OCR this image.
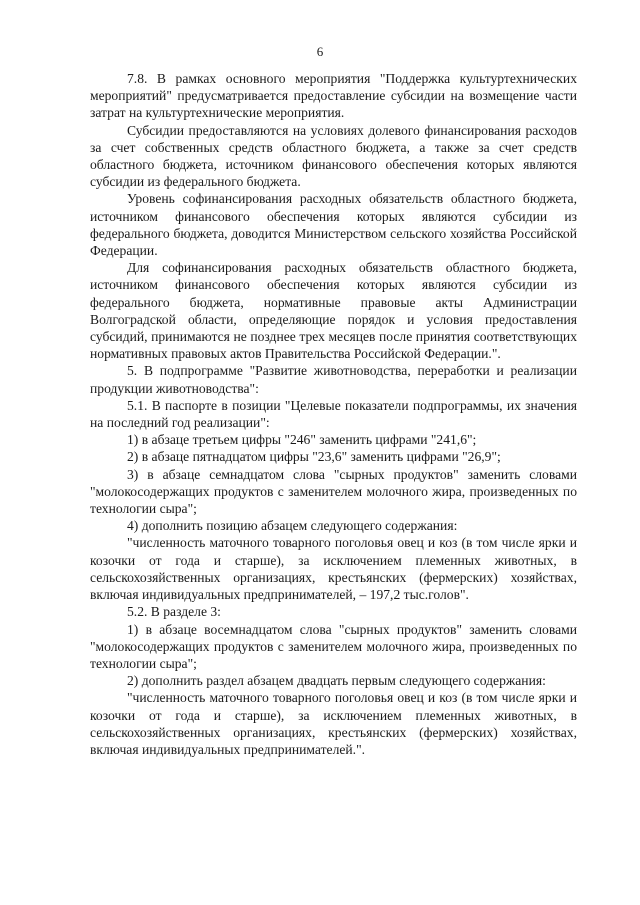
6

7.8. В рамках основного мероприятия "Поддержка культуртехнических мероприятий" предусматривается предоставление субсидии на возмещение части затрат на культуртехнические мероприятия.

Субсидии предоставляются на условиях долевого финансирования расходов за счет собственных средств областного бюджета, а также за счет средств областного бюджета, источником финансового обеспечения которых являются субсидии из федерального бюджета.

Уровень софинансирования расходных обязательств областного бюджета, источником финансового обеспечения которых являются субсидии из федерального бюджета, доводится Министерством сельского хозяйства Российской Федерации.

Для софинансирования расходных обязательств областного бюджета, источником финансового обеспечения которых являются субсидии из федерального бюджета, нормативные правовые акты Администрации Волгоградской области, определяющие порядок и условия предоставления субсидий, принимаются не позднее трех месяцев после принятия соответствующих нормативных правовых актов Правительства Российской Федерации.".

5. В подпрограмме "Развитие животноводства, переработки и реализации продукции животноводства":

5.1. В паспорте в позиции "Целевые показатели подпрограммы, их значения на последний год реализации":

1) в абзаце третьем цифры "246" заменить цифрами "241,6";

2) в абзаце пятнадцатом цифры "23,6" заменить цифрами "26,9";

3) в абзаце семнадцатом слова "сырных продуктов" заменить словами "молокосодержащих продуктов с заменителем молочного жира, произведенных по технологии сыра";

4) дополнить позицию абзацем следующего содержания:

"численность маточного товарного поголовья овец и коз (в том числе ярки и козочки от года и старше), за исключением племенных животных, в сельскохозяйственных организациях, крестьянских (фермерских) хозяйствах, включая индивидуальных предпринимателей, – 197,2 тыс.голов".

5.2. В разделе 3:

1) в абзаце восемнадцатом слова "сырных продуктов" заменить словами "молокосодержащих продуктов с заменителем молочного жира, произведенных по технологии сыра";

2) дополнить раздел абзацем двадцать первым следующего содержания:

"численность маточного товарного поголовья овец и коз (в том числе ярки и козочки от года и старше), за исключением племенных животных, в сельскохозяйственных организациях, крестьянских (фермерских) хозяйствах, включая индивидуальных предпринимателей.".
